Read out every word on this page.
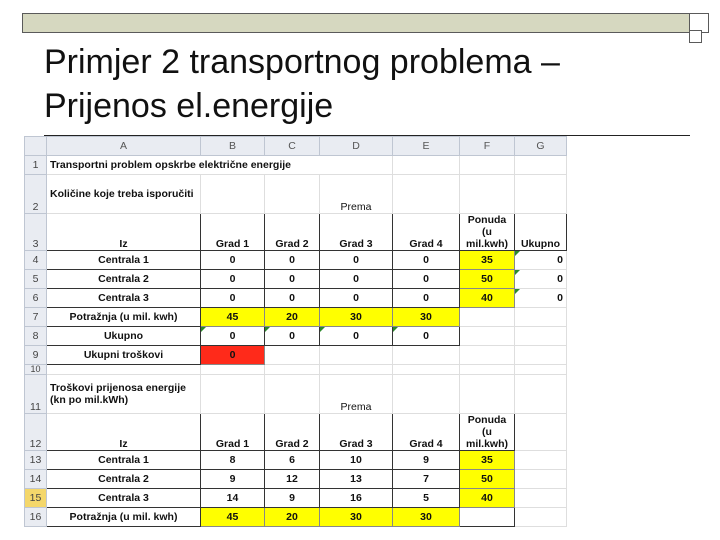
Primjer 2 transportnog problema –
Prijenos el.energije
	A	B	C	D	E	F	G
1	Transportni problem opskrbe električne energije						
2	Količine koje treba isporučiti			Prema			
3	Iz	Grad 1	Grad 2	Grad 3	Grad 4	Ponuda (u mil.kwh)	Ukupno
4	Centrala 1	0	0	0	0	35	0
5	Centrala 2	0	0	0	0	50	0
6	Centrala 3	0	0	0	0	40	0
7	Potražnja (u mil. kwh)	45	20	30	30		
8	Ukupno	0	0	0	0		
9	Ukupni troškovi	0					
10							
11	Troškovi prijenosa energije (kn po mil.kWh)			Prema			
12	Iz	Grad 1	Grad 2	Grad 3	Grad 4	Ponuda (u mil.kwh)	
13	Centrala 1	8	6	10	9	35	
14	Centrala 2	9	12	13	7	50	
15	Centrala 3	14	9	16	5	40	
16	Potražnja (u mil. kwh)	45	20	30	30		
